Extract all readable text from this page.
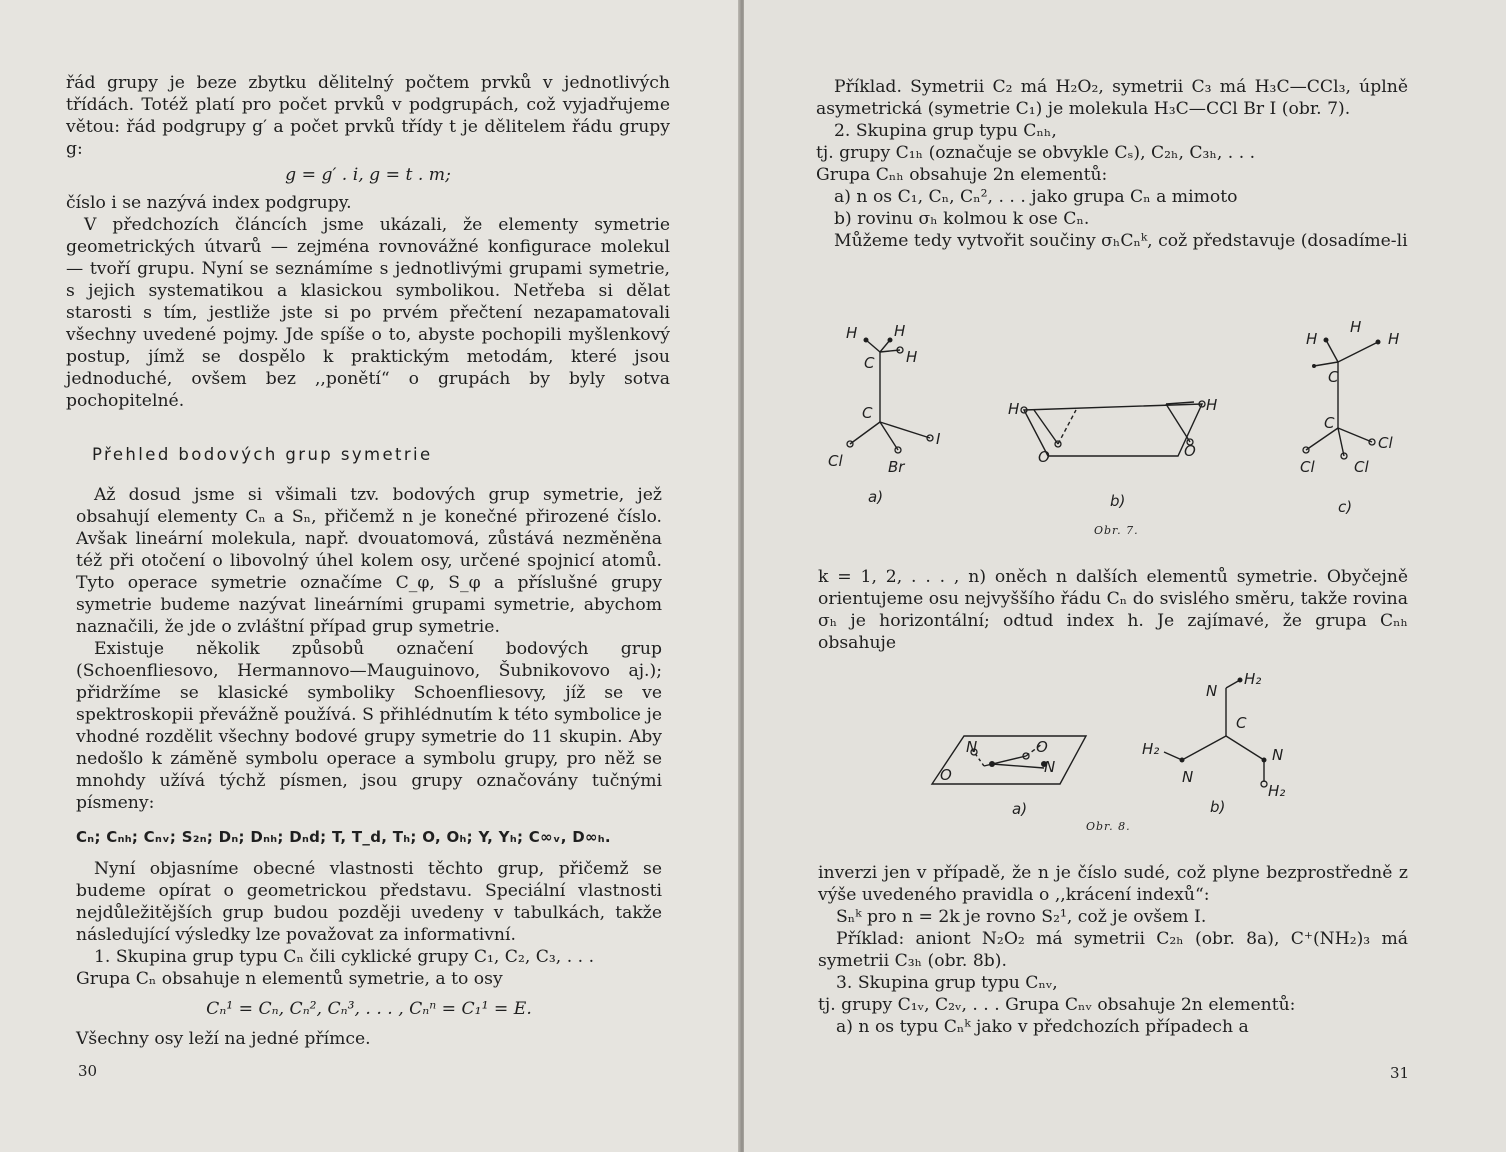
řád grupy je beze zbytku dělitelný počtem prvků v jednotlivých třídách. Totéž platí pro počet prvků v podgrupách, což vyjadřujeme větou: řád podgrupy g′ a počet prvků třídy t je dělitelem řádu grupy g:

g = g′ . i, g = t . m;

číslo i se nazývá index podgrupy.

V předchozích článcích jsme ukázali, že elementy symetrie geometrických útvarů — zejména rovnovážné konfigurace molekul — tvoří grupu. Nyní se seznámíme s jednotlivými grupami symetrie, s jejich systematikou a klasickou symbolikou. Netřeba si dělat starosti s tím, jestliže jste si po prvém přečtení nezapamatovali všechny uvedené pojmy. Jde spíše o to, abyste pochopili myšlenkový postup, jímž se dospělo k praktickým metodám, které jsou jednoduché, ovšem bez ,,ponětí“ o grupách by byly sotva pochopitelné.

Přehled bodových grup symetrie

Až dosud jsme si všimali tzv. bodových grup symetrie, jež obsahují elementy Cₙ a Sₙ, přičemž n je konečné přirozené číslo. Avšak lineární molekula, např. dvouatomová, zůstává nezměněna též při otočení o libovolný úhel kolem osy, určené spojnicí atomů. Tyto operace symetrie označíme C_φ, S_φ a příslušné grupy symetrie budeme nazývat lineárními grupami symetrie, abychom naznačili, že jde o zvláštní případ grup symetrie.

Existuje několik způsobů označení bodových grup (Schoenfliesovo, Hermannovo—Mauguinovo, Šubnikovovo aj.); přidržíme se klasické symboliky Schoenfliesovy, jíž se ve spektroskopii převážně používá. S přihlédnutím k této symbolice je vhodné rozdělit všechny bodové grupy symetrie do 11 skupin. Aby nedošlo k záměně symbolu operace a symbolu grupy, pro něž se mnohdy užívá týchž písmen, jsou grupy označovány tučnými písmeny:

Cₙ; Cₙₕ; Cₙᵥ; S₂ₙ; Dₙ; Dₙₕ; Dₙd; T, T_d, Tₕ; O, Oₕ; Y, Yₕ; C∞ᵥ, D∞ₕ.

Nyní objasníme obecné vlastnosti těchto grup, přičemž se budeme opírat o geometrickou představu. Speciální vlastnosti nejdůležitějších grup budou později uvedeny v tabulkách, takže následující výsledky lze považovat za informativní.

1. Skupina grup typu Cₙ čili cyklické grupy C₁, C₂, C₃, . . .

Grupa Cₙ obsahuje n elementů symetrie, a to osy

Cₙ¹ = Cₙ, Cₙ², Cₙ³, . . . , Cₙⁿ = C₁¹ = E.

Všechny osy leží na jedné přímce.

30

Příklad. Symetrii C₂ má H₂O₂, symetrii C₃ má H₃C—CCl₃, úplně asymetrická (symetrie C₁) je molekula H₃C—CCl Br I (obr. 7).

2. Skupina grup typu Cₙₕ,

tj. grupy C₁ₕ (označuje se obvykle Cₛ), C₂ₕ, C₃ₕ, . . .

Grupa Cₙₕ obsahuje 2n elementů:

a) n os C₁, Cₙ, Cₙ², . . . jako grupa Cₙ a mimoto

b) rovinu σₕ kolmou k ose Cₙ.

Můžeme tedy vytvořit součiny σₕCₙᵏ, což představuje (dosadíme-li

H H
C H
C
Cl	Br
I
a)
H	H
O	O
b)
H
H
H
C
C
Cl	Cl
Cl
c)
Obr. 7.

k = 1, 2, . . . , n) oněch n dalších elementů symetrie. Obyčejně orientujeme osu nejvyššího řádu Cₙ do svislého směru, takže rovina σₕ je horizontální; odtud index h. Je zajímavé, že grupa Cₙₕ obsahuje

N
O
O
N
a)
N
H₂
C
H₂
N
N
H₂
b)
Obr. 8.

inverzi jen v případě, že n je číslo sudé, což plyne bezprostředně z výše uvedeného pravidla o ,,krácení indexů“:

Sₙᵏ pro n = 2k je rovno S₂¹, což je ovšem I.

Příklad: aniont N₂O₂ má symetrii C₂ₕ (obr. 8a), C⁺(NH₂)₃ má symetrii C₃ₕ (obr. 8b).

3. Skupina grup typu Cₙᵥ,

tj. grupy C₁ᵥ, C₂ᵥ, . . . Grupa Cₙᵥ obsahuje 2n elementů:

a) n os typu Cₙᵏ jako v předchozích případech a

31
